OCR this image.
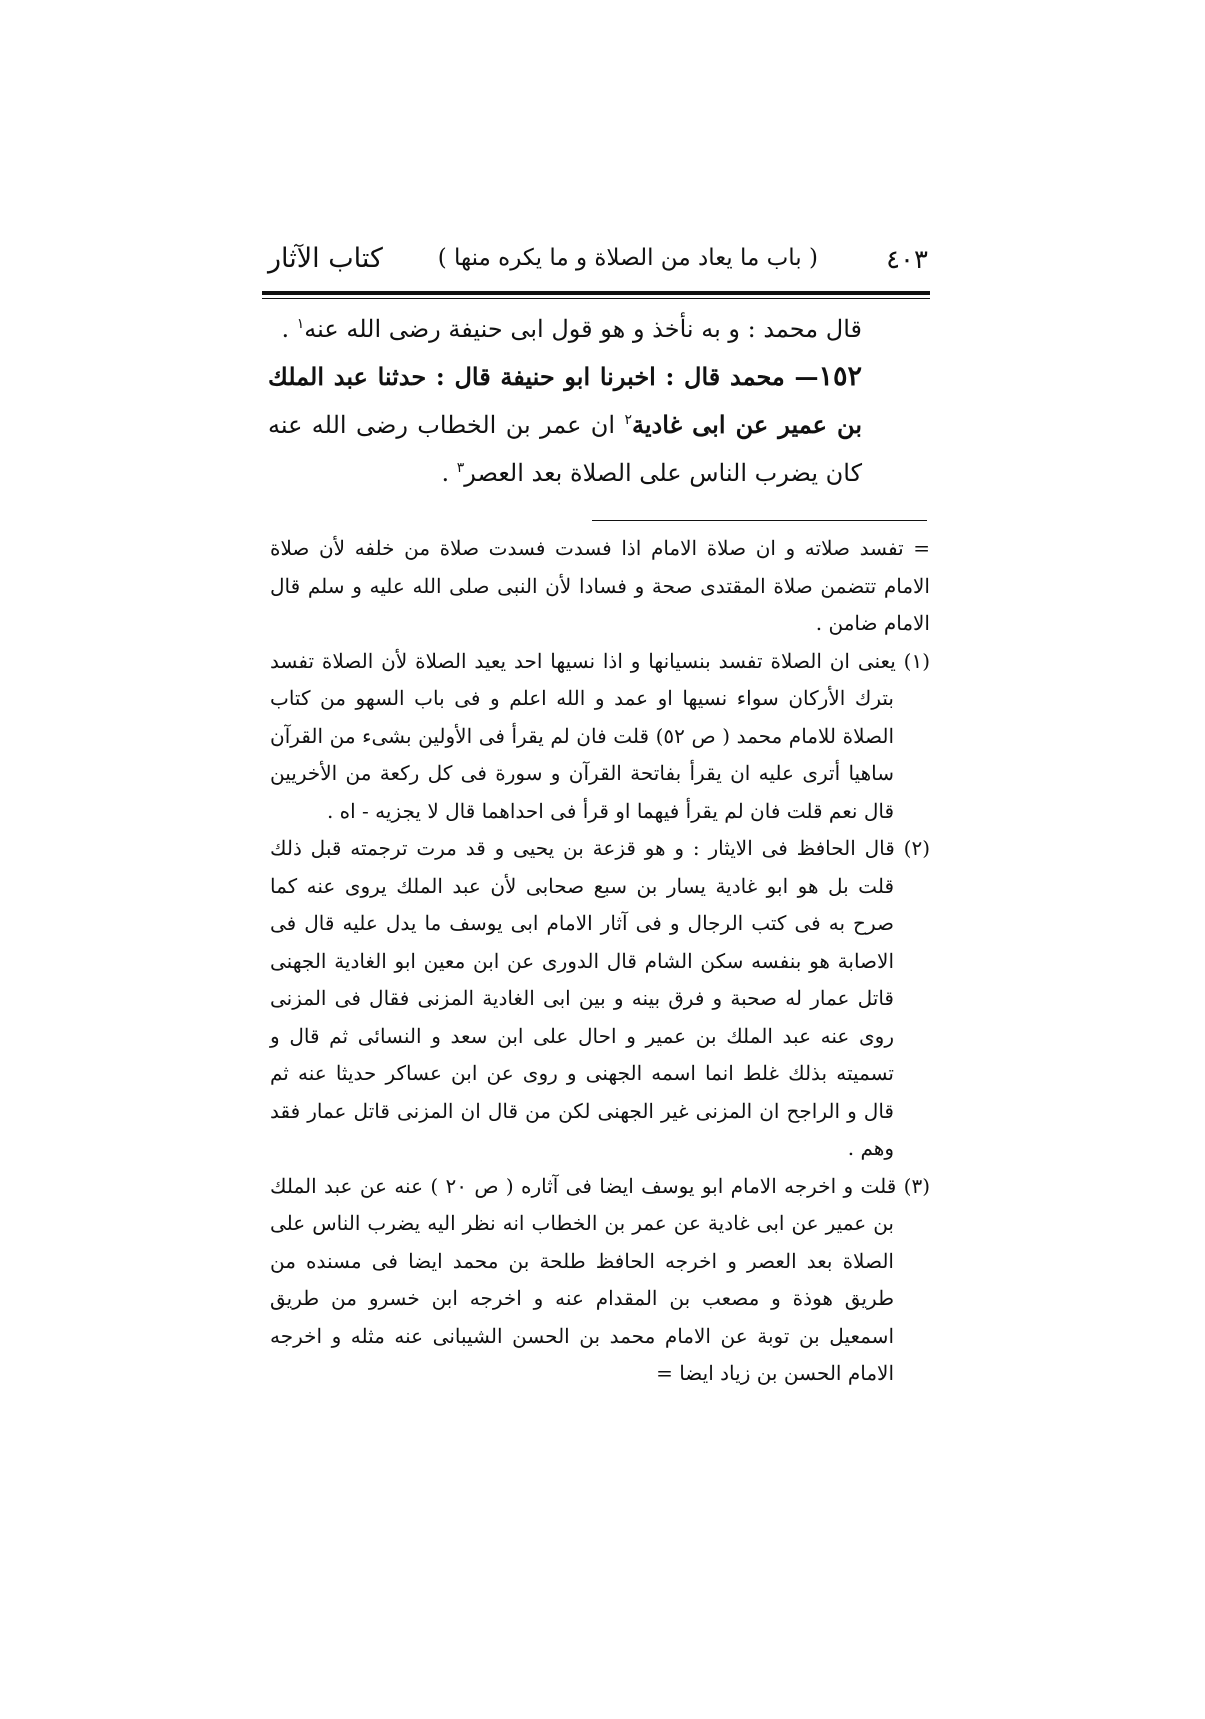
٤٠٣
( باب ما يعاد من الصلاة و ما يكره منها )
كتاب الآثار

قال محمد : و به نأخذ و هو قول ابى حنيفة رضى الله عنه$^١$ .

١٥٢— محمد قال : اخبرنا ابو حنيفة قال : حدثنا عبد الملك بن عمير عن ابى غادية$^٢$ ان عمر بن الخطاب رضى الله عنه كان يضرب الناس على الصلاة بعد العصر$^٣$ .

= تفسد صلاته و ان صلاة الامام اذا فسدت فسدت صلاة من خلفه لأن صلاة الامام تتضمن صلاة المقتدى صحة و فسادا لأن النبى صلى الله عليه و سلم قال الامام ضامن .

(١) يعنى ان الصلاة تفسد بنسيانها و اذا نسيها احد يعيد الصلاة لأن الصلاة تفسد بترك الأركان سواء نسيها او عمد و الله اعلم و فى باب السهو من كتاب الصلاة للامام محمد ( ص ٥٢) قلت فان لم يقرأ فى الأولين بشىء من القرآن ساهيا أترى عليه ان يقرأ بفاتحة القرآن و سورة فى كل ركعة من الأخريين قال نعم قلت فان لم يقرأ فيهما او قرأ فى احداهما قال لا يجزيه - اه .

(٢) قال الحافظ فى الايثار : و هو قزعة بن يحيى و قد مرت ترجمته قبل ذلك قلت بل هو ابو غادية يسار بن سبع صحابى لأن عبد الملك يروى عنه كما صرح به فى كتب الرجال و فى آثار الامام ابى يوسف ما يدل عليه قال فى الاصابة هو بنفسه سكن الشام قال الدورى عن ابن معين ابو الغادية الجهنى قاتل عمار له صحبة و فرق بينه و بين ابى الغادية المزنى فقال فى المزنى روى عنه عبد الملك بن عمير و احال على ابن سعد و النسائى ثم قال و تسميته بذلك غلط انما اسمه الجهنى و روى عن ابن عساكر حديثا عنه ثم قال و الراجح ان المزنى غير الجهنى لكن من قال ان المزنى قاتل عمار فقد وهم .

(٣) قلت و اخرجه الامام ابو يوسف ايضا فى آثاره ( ص ٢٠ ) عنه عن عبد الملك بن عمير عن ابى غادية عن عمر بن الخطاب انه نظر اليه يضرب الناس على الصلاة بعد العصر و اخرجه الحافظ طلحة بن محمد ايضا فى مسنده من طريق هوذة و مصعب بن المقدام عنه و اخرجه ابن خسرو من طريق اسمعيل بن توبة عن الامام محمد بن الحسن الشيبانى عنه مثله و اخرجه الامام الحسن بن زياد ايضا =
